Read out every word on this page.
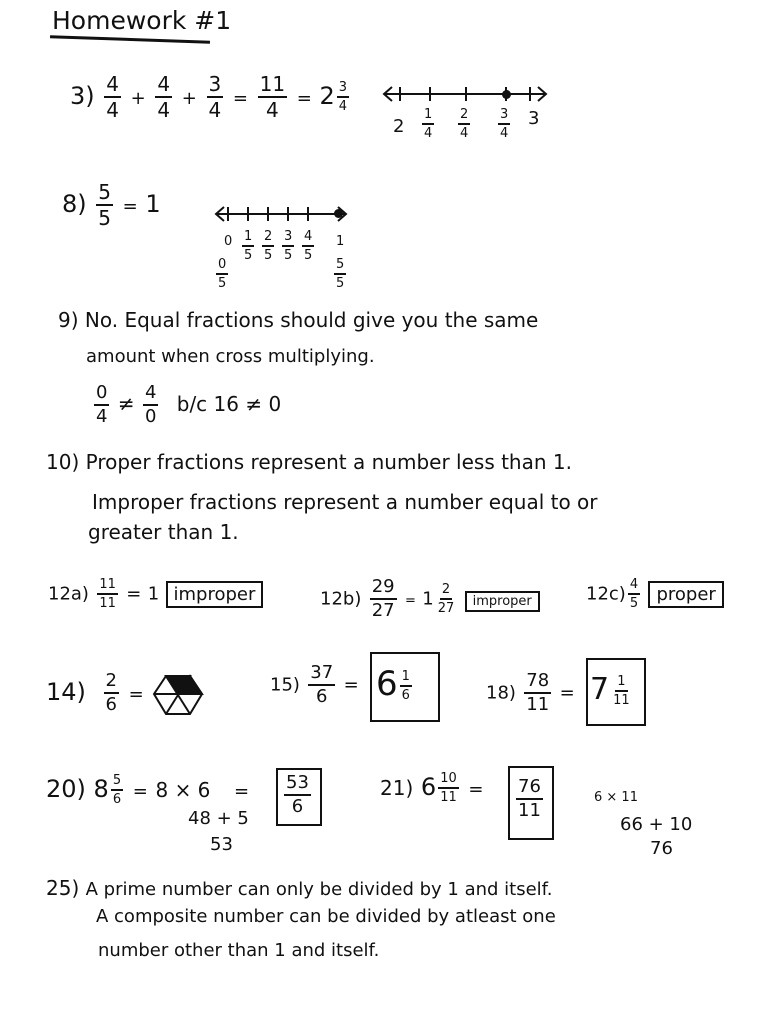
Homework #1
$3) \frac{4}{4} + \frac{4}{4} + \frac{3}{4} = \frac{11}{4} = 2 \frac{3}{4}$
$2 \frac{1}{4} \frac{2}{4} \frac{3}{4} 3$
$8) \frac{5}{5} = 1$
0
$\frac{0}{5}$
$\frac{1}{5} \frac{2}{5} \frac{3}{5} \frac{4}{5} 1$
$\frac{5}{5}$
9) No. Equal fractions should give you the same
amount when cross multiplying.
$\frac{0}{4} \ne \frac{4}{0} b/c$ 16 ≠ 0
10) Proper fractions represent a number less than 1.
Improper fractions represent a number equal to or
greater than 1.
$12a) \frac{11}{11} = 1$ improper	$12b) \frac{29}{27} = 1 \frac{2}{27}$ improper	$12c) \frac{4}{5}$ proper
$14) \frac{2}{6}$ =	$15) \frac{37}{6} = 6 \frac{1}{6}$	$18) \frac{78}{11} = 7 \frac{1}{11}$
20) $8 \frac{5}{6} = 8 \times 6 = \frac{53}{6}$
48 + 5
53
21) $6 \frac{10}{11} = \frac{76}{11}$	6 × 11
66 + 10
76
25) A prime number can only be divided by 1 and itself.
A composite number can be divided by atleast one
number other than 1 and itself.
